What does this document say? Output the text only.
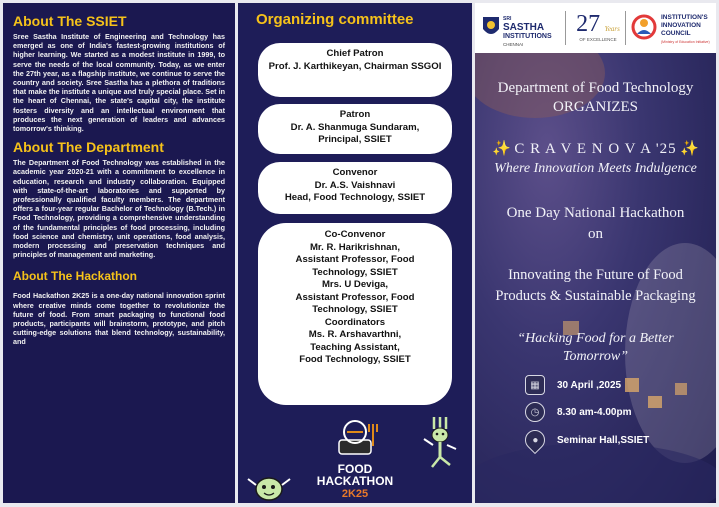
About The SSIET

Sree Sastha Institute of Engineering and Technology has emerged as one of India's fastest-growing institutions of higher learning. We started as a modest institute in 1999, to serve the needs of the local community. Today, as we enter the 27th year, as a flagship institute, we continue to serve the country and society. Sree Sastha has a plethora of traditions that make the institute a unique and truly special place. Set in the heart of Chennai, the state's capital city, the institute fosters diversity and an intellectual environment that produces the next generation of leaders and advances tomorrow's thinking.

About The Department

The Department of Food Technology was established in the academic year 2020-21 with a commitment to excellence in education, research and industry collaboration. Equipped with state-of-the-art laboratories and supported by professionally qualified faculty members. The department offers a four-year regular Bachelor of Technology (B.Tech.) in Food Technology, providing a comprehensive understanding of the fundamental principles of food processing, including food science and chemistry, unit operations, food analysis, modern processing and preservation techniques and principles of management and marketing.

About The Hackathon

Food Hackathon 2K25 is a one-day national innovation sprint where creative minds come together to revolutionize the future of food. From smart packaging to functional food products, participants will brainstorm, prototype, and pitch cutting-edge solutions that blend technology, sustainability, and

Organizing committee
Chief Patron
Prof. J. Karthikeyan, Chairman SSGOI
Patron
Dr. A. Shanmuga Sundaram,
Principal, SSIET
Convenor
Dr. A.S. Vaishnavi
Head, Food Technology, SSIET
Co-Convenor
Mr. R. Harikrishnan,
Assistant Professor, Food
Technology, SSIET
Mrs. U Deviga,
Assistant Professor, Food
Technology, SSIET
Coordinators
Ms. R. Arshavarthni,
Teaching Assistant,
Food Technology, SSIET
FOOD
HACKATHON
2K25
SRI
SASTHA
INSTITUTIONS
CHENNAI
27 Years
OF EXCELLENCE
INSTITUTION'S
INNOVATION
COUNCIL
(Ministry of Education Initiative)
Department of Food Technology
ORGANIZES
✨ C R A V E N O V A '25 ✨
Where Innovation Meets Indulgence
One Day National Hackathon
on
Innovating the Future of Food
Products & Sustainable Packaging
“Hacking Food for a Better
Tomorrow”
▦	30 April ,2025
◷	8.30 am-4.00pm
● Seminar Hall,SSIET
